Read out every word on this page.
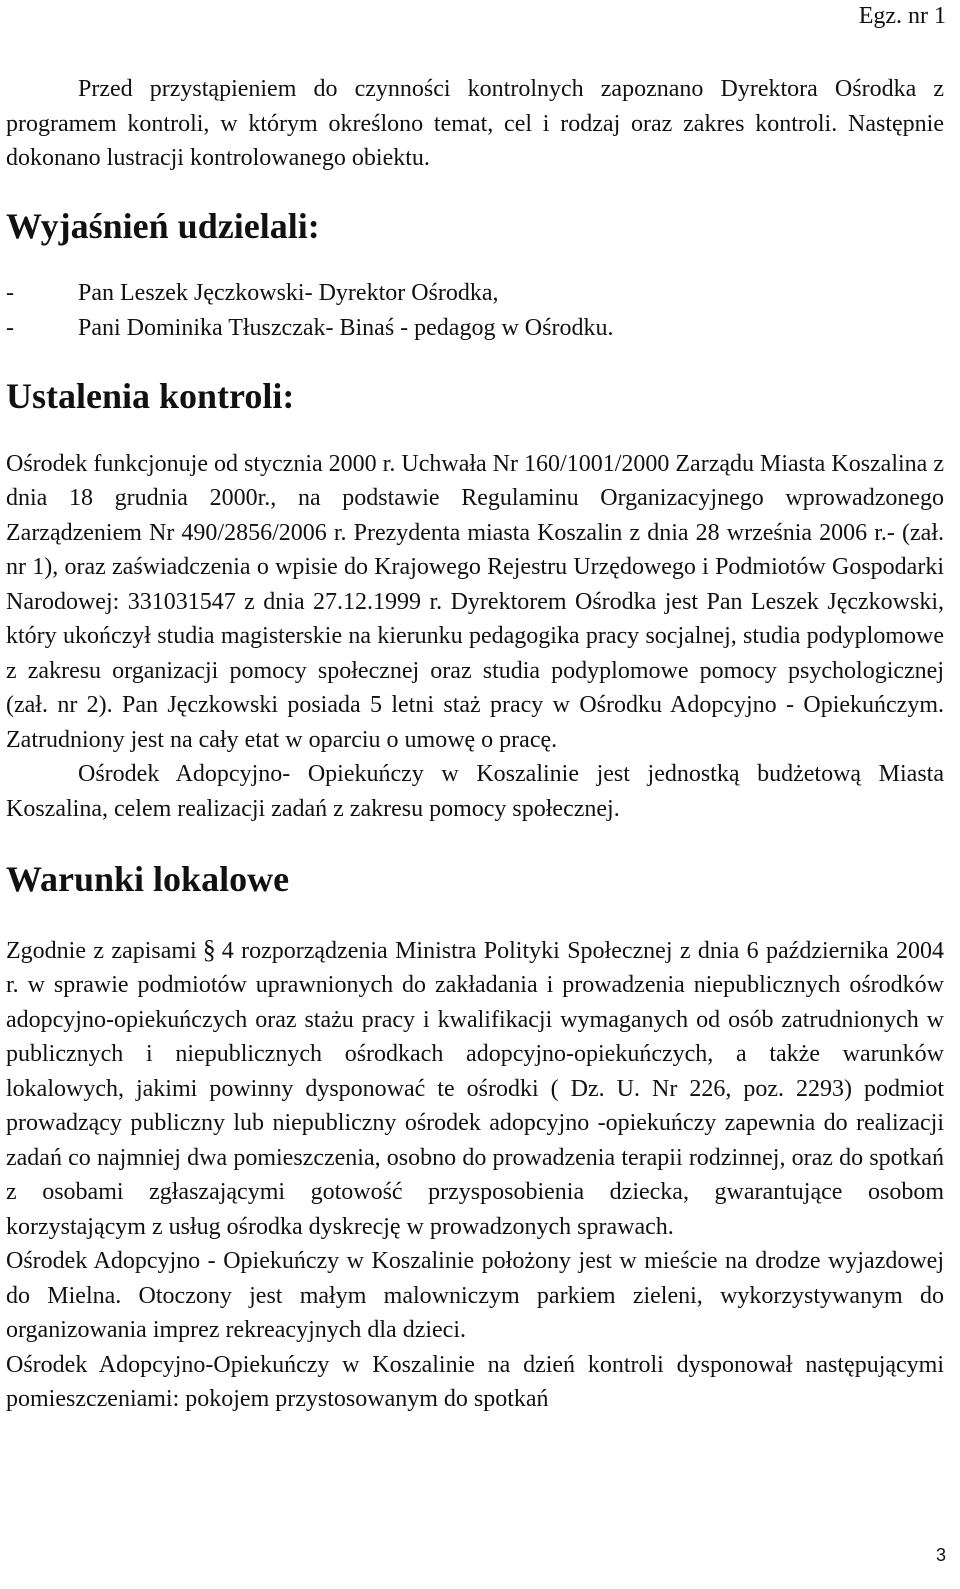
Egz. nr 1

Przed przystąpieniem do czynności kontrolnych zapoznano Dyrektora Ośrodka z programem kontroli, w którym określono temat, cel i rodzaj oraz zakres kontroli. Następnie dokonano lustracji kontrolowanego obiektu.

Wyjaśnień udzielali:
-	Pan Leszek Jęczkowski- Dyrektor Ośrodka,
-	Pani Dominika Tłuszczak- Binaś - pedagog w Ośrodku.
Ustalenia kontroli:

Ośrodek funkcjonuje od stycznia 2000 r. Uchwała Nr 160/1001/2000 Zarządu Miasta Koszalina z dnia 18 grudnia 2000r., na podstawie Regulaminu Organizacyjnego wprowadzonego Zarządzeniem Nr 490/2856/2006 r. Prezydenta miasta Koszalin z dnia 28 września 2006 r.- (zał. nr 1), oraz zaświadczenia o wpisie do Krajowego Rejestru Urzędowego i Podmiotów Gospodarki Narodowej: 331031547 z dnia 27.12.1999 r. Dyrektorem Ośrodka jest Pan Leszek Jęczkowski, który ukończył studia magisterskie na kierunku pedagogika pracy socjalnej, studia podyplomowe z zakresu organizacji pomocy społecznej oraz studia podyplomowe pomocy psychologicznej (zał. nr 2). Pan Jęczkowski posiada 5 letni staż pracy w Ośrodku Adopcyjno - Opiekuńczym. Zatrudniony jest na cały etat w oparciu o umowę o pracę.

Ośrodek Adopcyjno- Opiekuńczy w Koszalinie jest jednostką budżetową Miasta Koszalina, celem realizacji zadań z zakresu pomocy społecznej.

Warunki lokalowe

Zgodnie z zapisami § 4 rozporządzenia Ministra Polityki Społecznej z dnia 6 października 2004 r. w sprawie podmiotów uprawnionych do zakładania i prowadzenia niepublicznych ośrodków adopcyjno-opiekuńczych oraz stażu pracy i kwalifikacji wymaganych od osób zatrudnionych w publicznych i niepublicznych ośrodkach adopcyjno-opiekuńczych, a także warunków lokalowych, jakimi powinny dysponować te ośrodki ( Dz. U. Nr 226, poz. 2293) podmiot prowadzący publiczny lub niepubliczny ośrodek adopcyjno -opiekuńczy zapewnia do realizacji zadań co najmniej dwa pomieszczenia, osobno do prowadzenia terapii rodzinnej, oraz do spotkań z osobami zgłaszającymi gotowość przysposobienia dziecka, gwarantujące osobom korzystającym z usług ośrodka dyskrecję w prowadzonych sprawach.

Ośrodek Adopcyjno - Opiekuńczy w Koszalinie położony jest w mieście na drodze wyjazdowej do Mielna. Otoczony jest małym malowniczym parkiem zieleni, wykorzystywanym do organizowania imprez rekreacyjnych dla dzieci.

Ośrodek Adopcyjno-Opiekuńczy w Koszalinie na dzień kontroli dysponował następującymi pomieszczeniami: pokojem przystosowanym do spotkań

3
